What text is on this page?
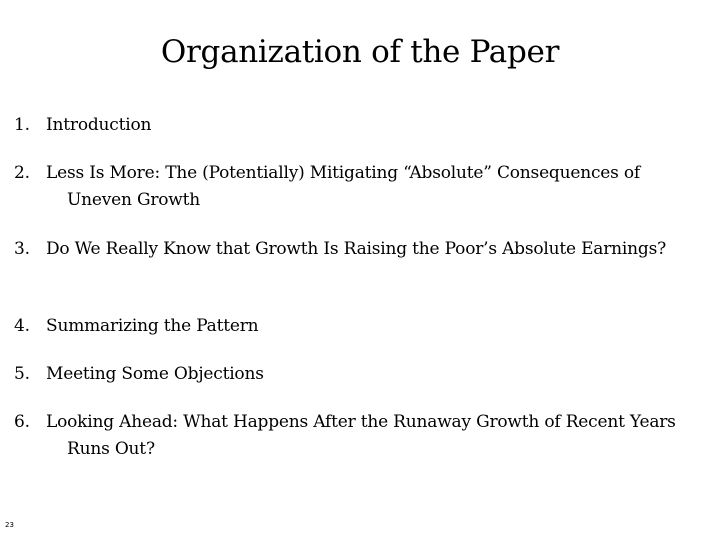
Organization of the Paper
1. Introduction
2. Less Is More: The (Potentially) Mitigating “Absolute” Consequences of Uneven Growth
3. Do We Really Know that Growth Is Raising the Poor’s Absolute Earnings?
4. Summarizing the Pattern
5. Meeting Some Objections
6. Looking Ahead: What Happens After the Runaway Growth of Recent Years Runs Out?
23
